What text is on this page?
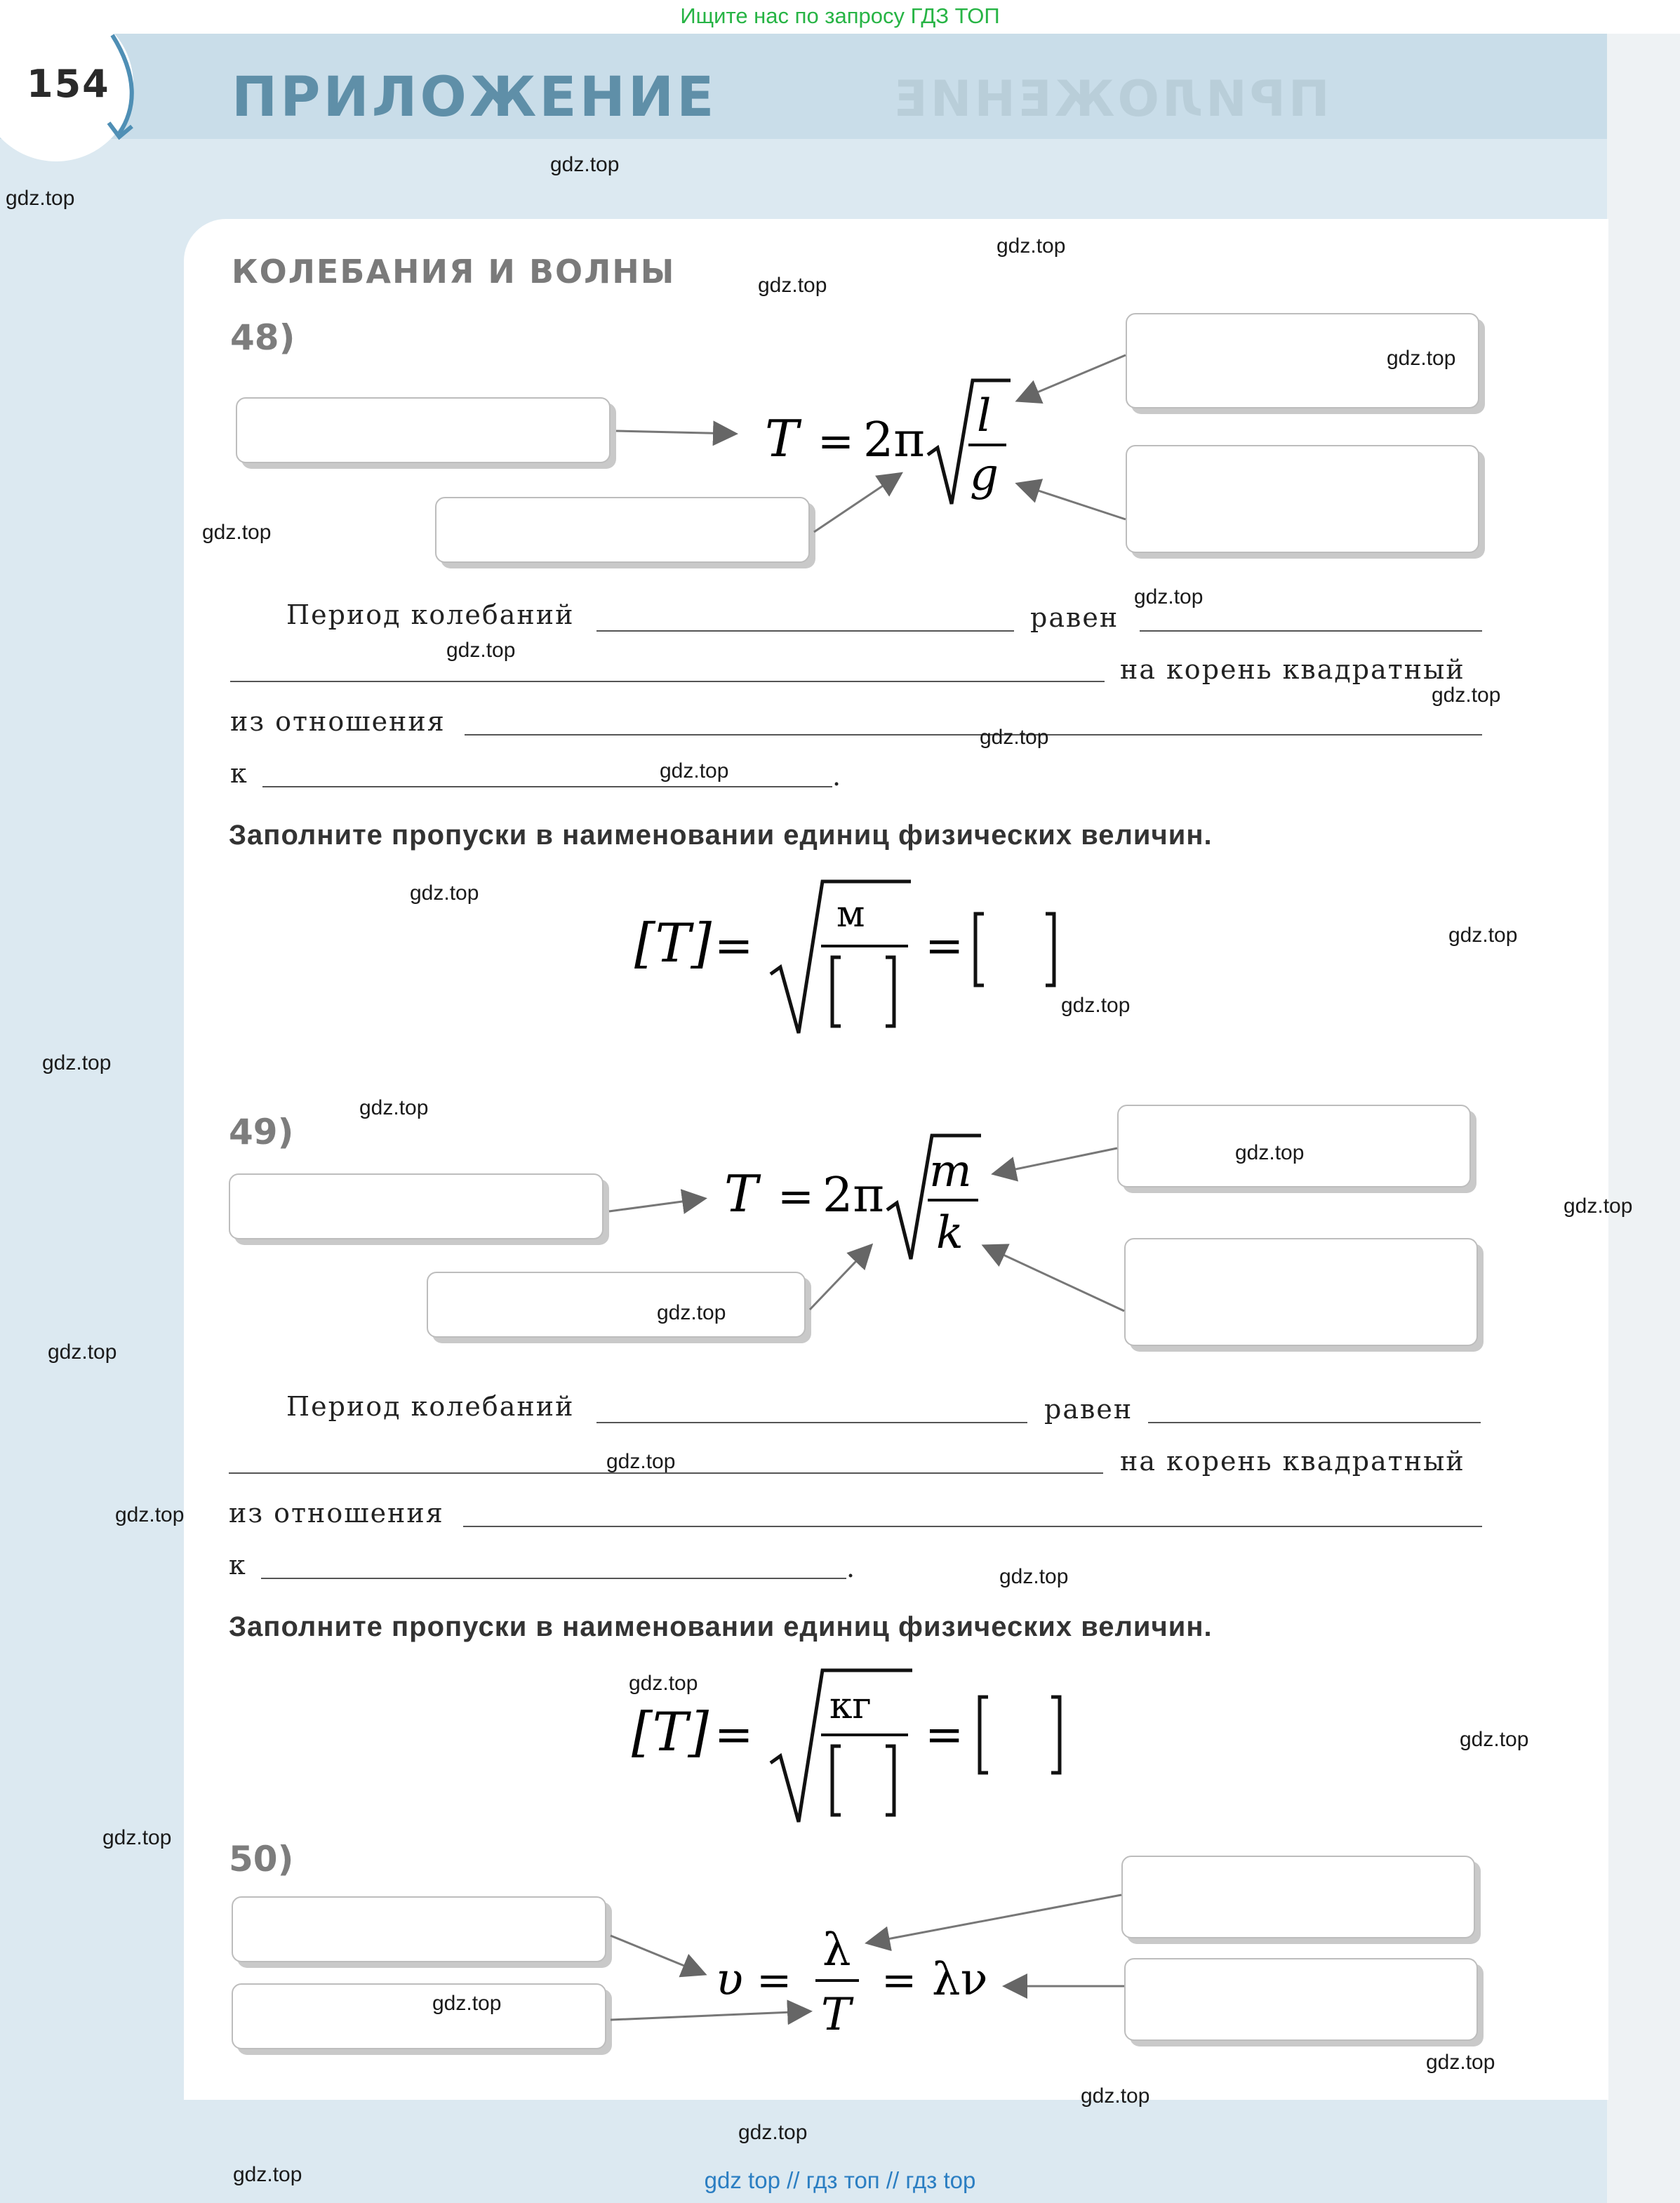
Ищите нас по запросу ГДЗ ТОП
ПРИЛОЖЕНИЕ
154 ПРИЛОЖЕНИЕ
КОЛЕБАНИЯ И ВОЛНЫ
48)
T = 2π l
g
Период колебаний	равен
на корень квадратный
из отношения
к	.
Заполните пропуски в наименовании единиц физических величин.
[T] =
м
=
49)
T = 2π m
k
Период колебаний	равен
на корень квадратный
из отношения
к	.
Заполните пропуски в наименовании единиц физических величин.
[T] =
кг
=
50)
υ =
λ
T
= λν
gdz.top
gdz.top
gdz.top
gdz.top
gdz.top
gdz.top
gdz.top
gdz.top
gdz.top
gdz.top
gdz.top
gdz.top
gdz.top
gdz.top
gdz.top
gdz.top
gdz.top
gdz.top
gdz.top
gdz.top
gdz.top
gdz.top
gdz.top
gdz.top
gdz.top
gdz.top
gdz.top
gdz.top
gdz.top
gdz.top
gdz.top	gdz top // гдз топ // гдз top
